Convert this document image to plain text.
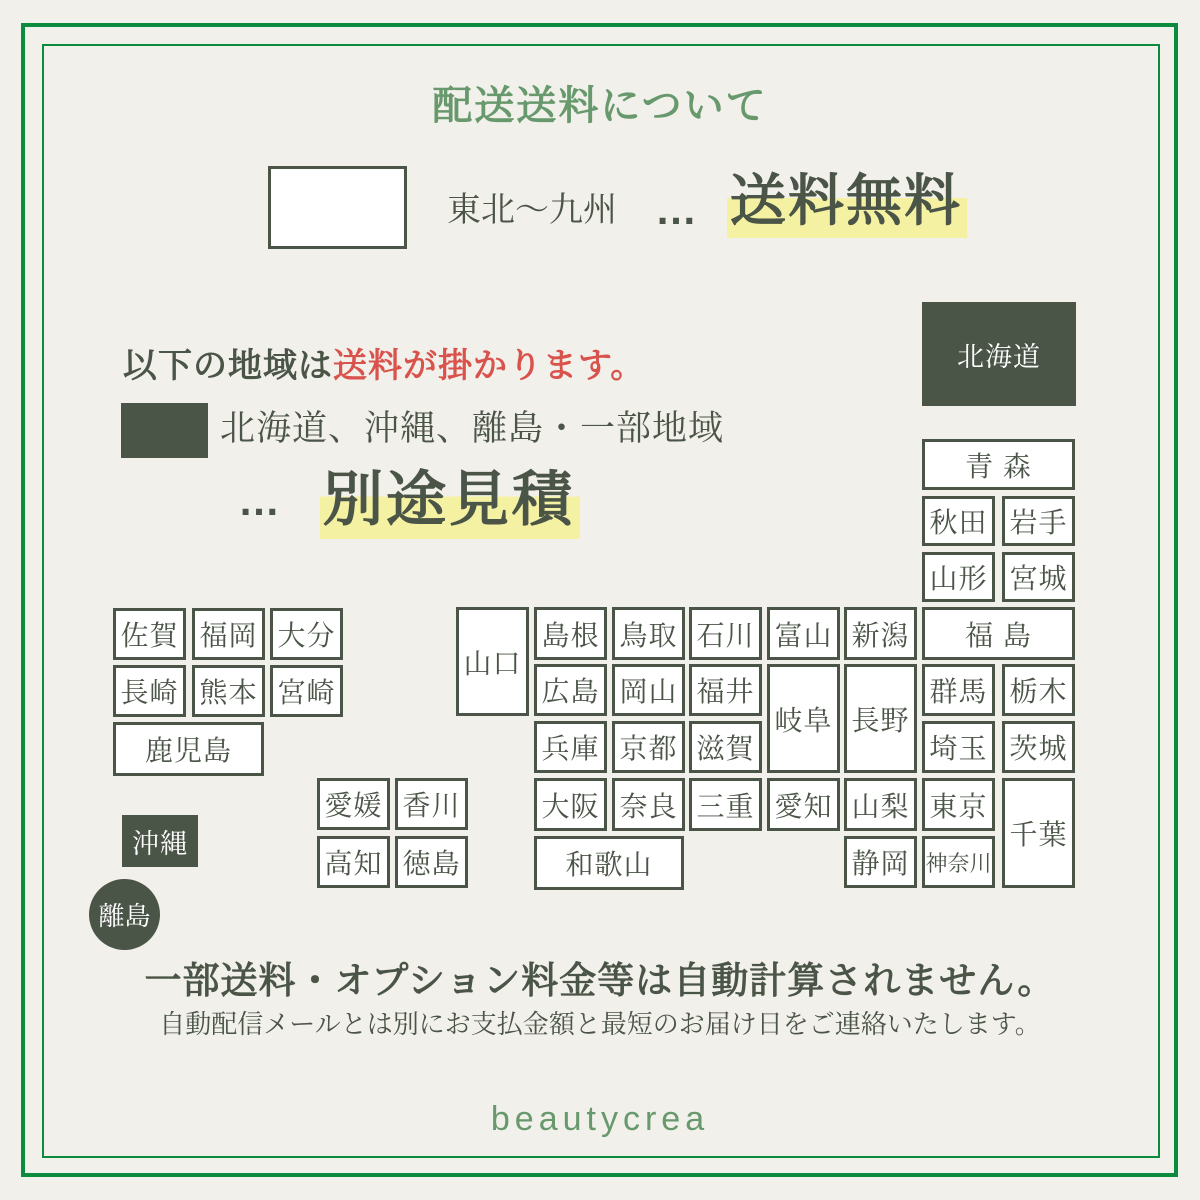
配送送料について
東北〜九州 … 送料無料
以下の地域は送料が掛かります。
北海道、沖縄、離島・一部地域
… 別途見積
北海道
青 森
秋田 岩手
山形 宮城
福 島
新潟
富山
石川
鳥取
島根
山口
広島 岡山 福井
岐阜 長野
群馬 栃木
兵庫 京都 滋賀	埼玉 茨城
大阪 奈良 三重 愛知 山梨 東京
千葉
和歌山	静岡 神奈川
佐賀 福岡 大分
長崎 熊本 宮崎
鹿児島
愛媛 香川
高知 徳島
沖縄
離島
一部送料・オプション料金等は自動計算されません。
自動配信メールとは別にお支払金額と最短のお届け日をご連絡いたします。
beautycrea
